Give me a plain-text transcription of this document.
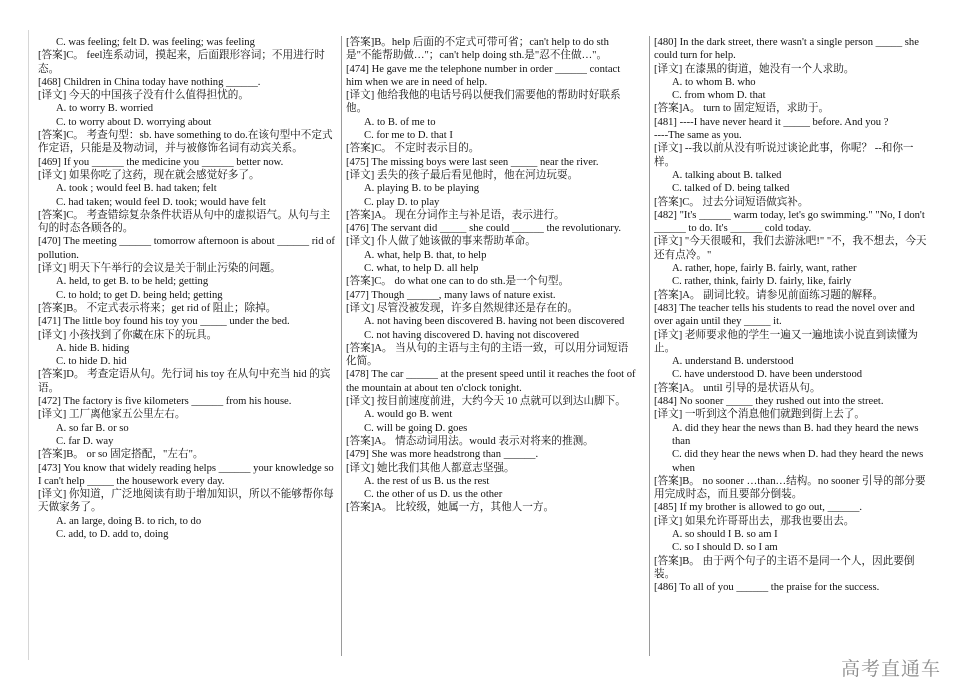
C. was feeling; felt D. was feeling; was feeling

[答案]C。 feel连系动词，摸起来，后面跟形容词；不用进行时态。

[468] Children in China today have nothing ______.

[译文] 今天的中国孩子没有什么值得担忧的。

A. to worry B. worried

C. to worry about D. worrying about

[答案]C。 考查句型：sb. have something to do.在该句型中不定式作定语，只能是及物动词，并与被修饰名词有动宾关系。

[469] If you ______ the medicine you ______ better now.

[译文] 如果你吃了这药，现在就会感觉好多了。

A. took ; would feel B. had taken; felt

C. had taken; would feel D. took; would have felt

[答案]C。 考查错综复杂条件状语从句中的虚拟语气。从句与主句的时态各顾各的。

[470] The meeting ______ tomorrow afternoon is about ______ rid of pollution.

[译文] 明天下午举行的会议是关于制止污染的问题。

A. held, to get B. to be held; getting

C. to hold; to get D. being held; getting

[答案]B。 不定式表示将来；get rid of 阻止；除掉。

[471] The little boy found his toy you _____ under the bed.

[译文] 小孩找到了你藏在床下的玩具。

A. hide B. hiding

C. to hide D. hid

[答案]D。 考查定语从句。先行词 his toy 在从句中充当 hid 的宾语。

[472] The factory is five kilometers ______ from his house.

[译文] 工厂离他家五公里左右。

A. so far B. or so

C. far D. way

[答案]B。 or so 固定搭配，"左右"。

[473] You know that widely reading helps ______ your knowledge so I can't help _____ the housework every day.

[译文] 你知道，广泛地阅读有助于增加知识，所以不能够帮你每天做家务了。

A. an large, doing B. to rich, to do

C. add, to D. add to, doing

[答案]B。help 后面的不定式可带可省；can't help to do sth 是"不能帮助做…"；can't help doing sth.是"忍不住做…"。

[474] He gave me the telephone number in order ______ contact him when we are in need of help.

[译文] 他给我他的电话号码以便我们需要他的帮助时好联系他。

A. to B. of me to

C. for me to D. that I

[答案]C。 不定时表示目的。

[475] The missing boys were last seen _____ near the river.

[译文] 丢失的孩子最后看见他时，他在河边玩耍。

A. playing B. to be playing

C. play D. to play

[答案]A。 现在分词作主与补足语，表示进行。

[476] The servant did _____ she could ______ the revolutionary.

[译文] 仆人做了她该做的事来帮助革命。

A. what, help B. that, to help

C. what, to help D. all help

[答案]C。 do what one can to do sth.是一个句型。

[477] Though ______, many laws of nature exist.

[译文] 尽管没被发现，许多自然规律还是存在的。

A. not having been discovered B. having not been discovered

C. not having discovered D. having not discovered

[答案]A。 当从句的主语与主句的主语一致，可以用分词短语化简。

[478] The car ______ at the present speed until it reaches the foot of the mountain at about ten o'clock tonight.

[译文] 按目前速度前进，大约今天 10 点就可以到达山脚下。

A. would go B. went

C. will be going D. goes

[答案]A。 情态动词用法。would 表示对将来的推测。

[479] She was more headstrong than ______.

[译文] 她比我们其他人都意志坚强。

A. the rest of us B. us the rest

C. the other of us D. us the other

[答案]A。 比较级，她属一方，其他人一方。

[480] In the dark street, there wasn't a single person _____ she could turn for help.

[译文] 在漆黑的街道，她没有一个人求助。

A. to whom B. who

C. from whom D. that

[答案]A。 turn to 固定短语，求助于。

[481] ----I have never heard it _____ before. And you ?

----The same as you.

[译文] --我以前从没有听说过谈论此事，你呢？ --和你一样。

A. talking about B. talked

C. talked of D. being talked

[答案]C。 过去分词短语做宾补。

[482] "It's ______ warm today, let's go swimming." "No, I don't ______ to do. It's ______ cold today.

[译文] "今天很暖和，我们去游泳吧!" "不，我不想去，今天还有点冷。"

A. rather, hope, fairly B. fairly, want, rather

C. rather, think, fairly D. fairly, like, fairly

[答案]A。 副词比较。请参见前面练习题的解释。

[483] The teacher tells his students to read the novel over and over again until they _____ it.

[译文] 老师要求他的学生一遍又一遍地读小说直到读懂为止。

A. understand B. understood

C. have understood D. have been understood

[答案]A。 until 引导的是状语从句。

[484] No sooner _____ they rushed out into the street.

[译文] 一听到这个消息他们就跑到街上去了。

A. did they hear the news than B. had they heard the news than

C. did they hear the news when D. had they heard the news when

[答案]B。 no sooner …than…结构。no sooner 引导的部分要用完成时态，而且要部分倒装。

[485] If my brother is allowed to go out, ______.

[译文] 如果允许哥哥出去，那我也要出去。

A. so should I B. so am I

C. so I should D. so I am

[答案]B。 由于两个句子的主语不是同一个人，因此要倒装。

[486] To all of you ______ the praise for the success.

高考直通车
